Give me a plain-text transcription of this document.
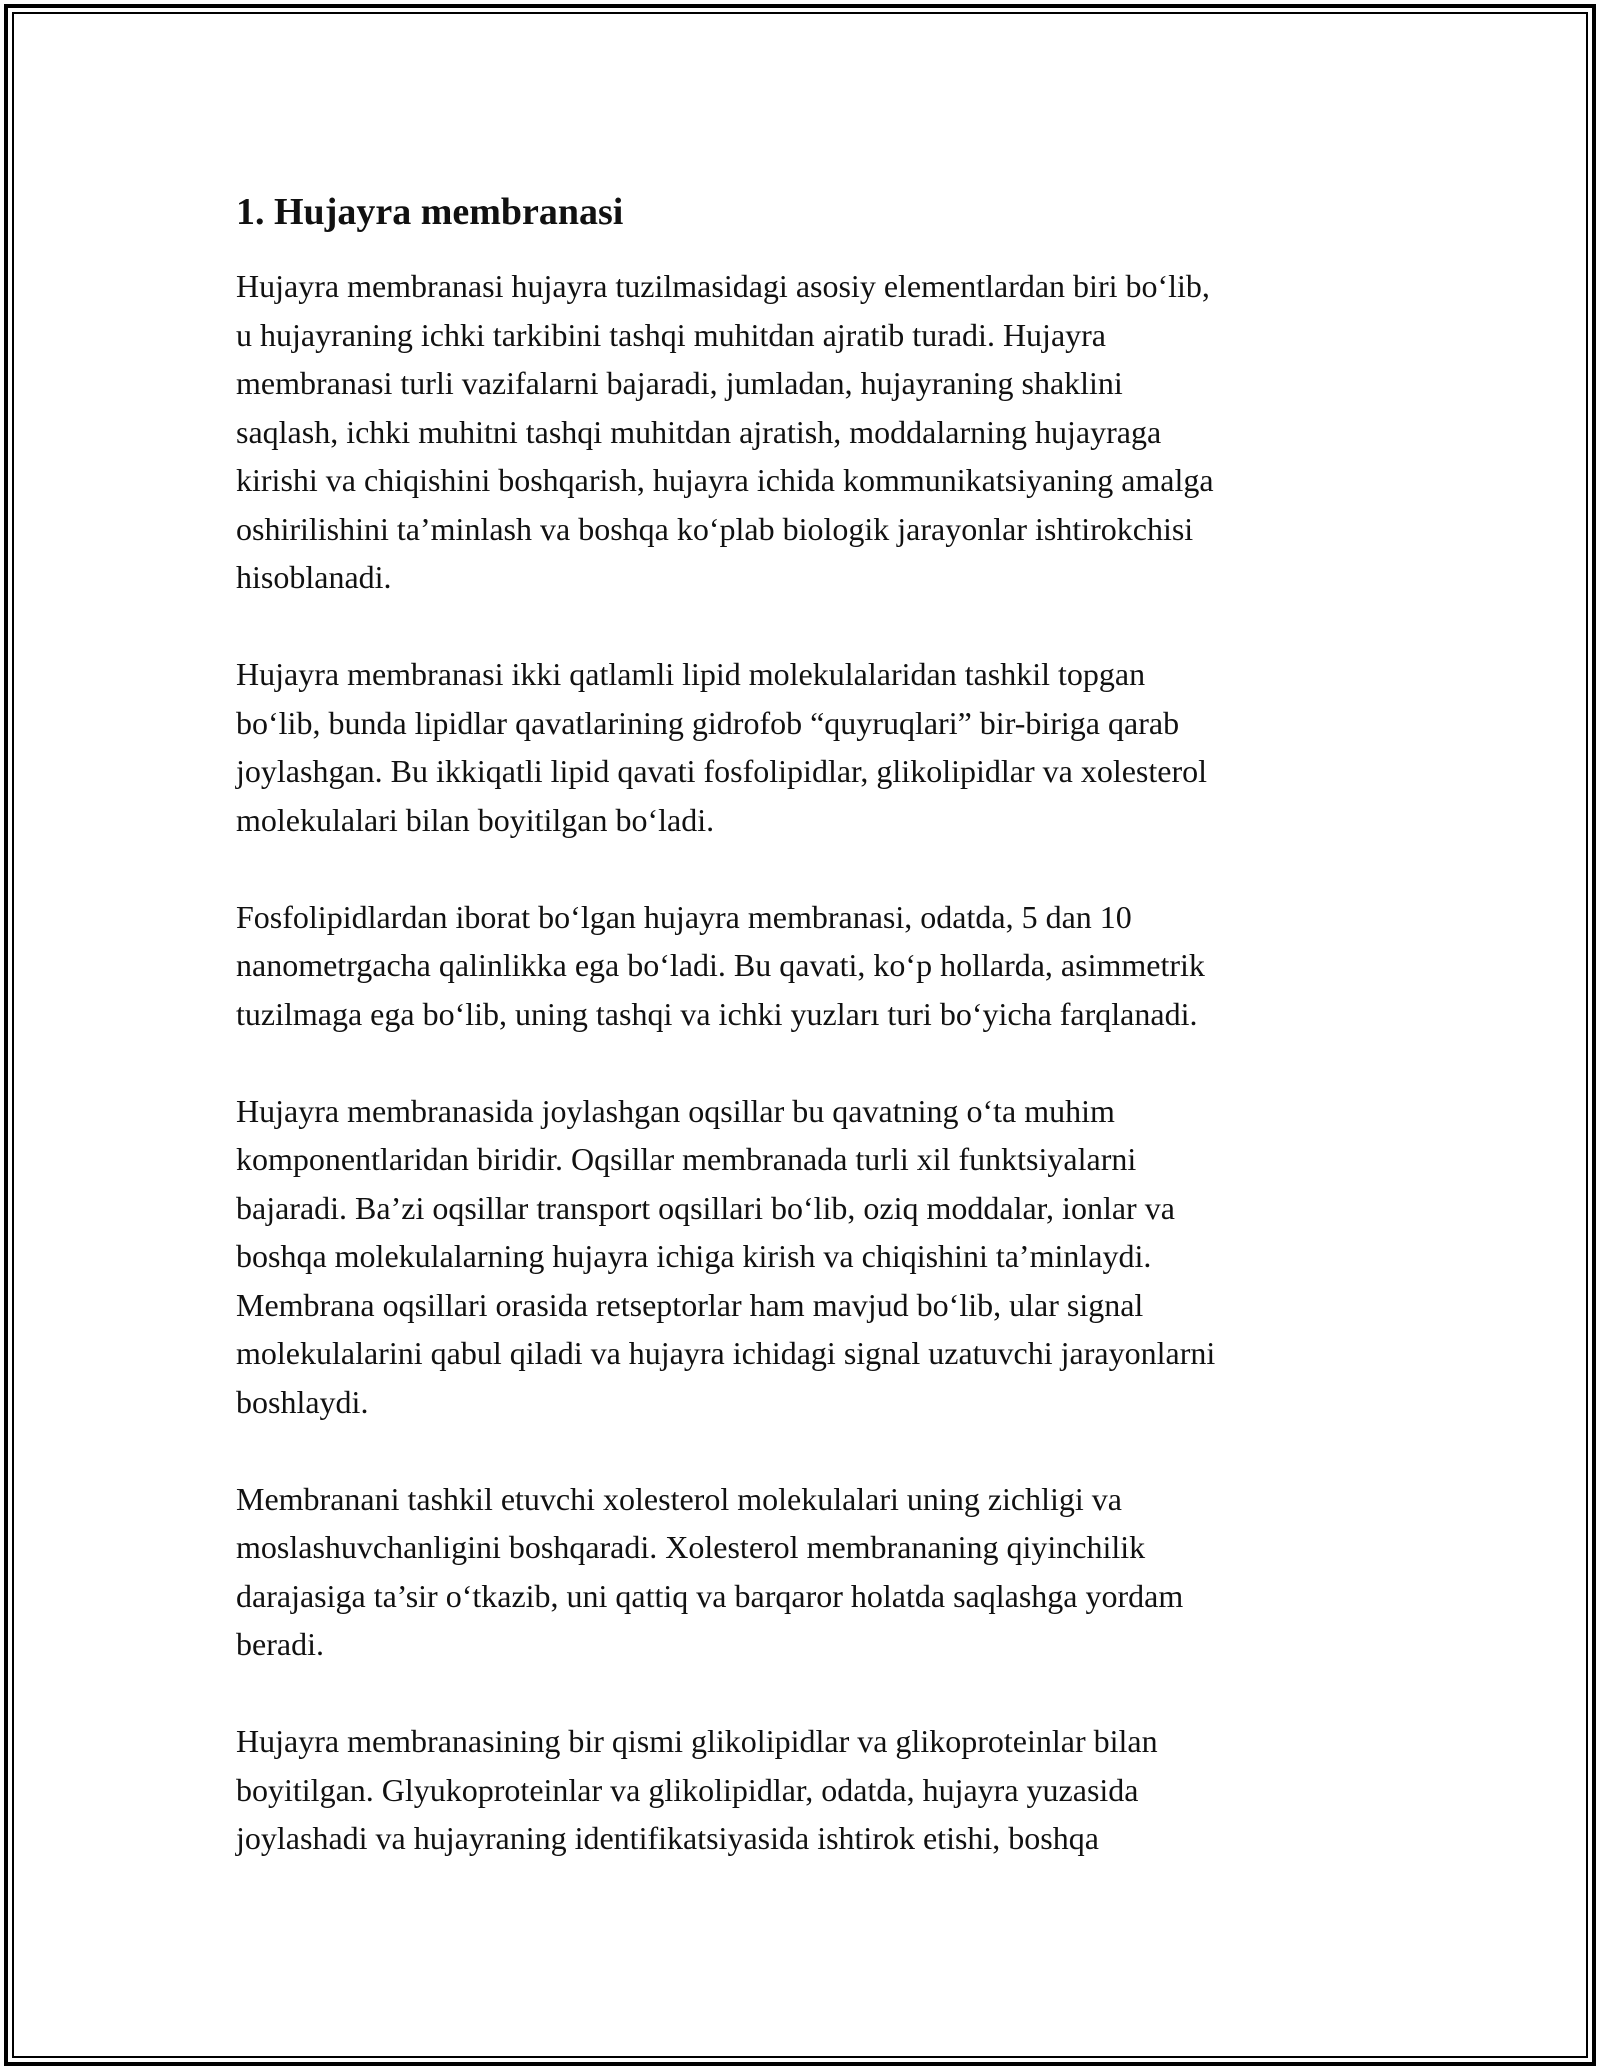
1. Hujayra membranasi
Hujayra membranasi hujayra tuzilmasidagi asosiy elementlardan biri bo‘lib,
u hujayraning ichki tarkibini tashqi muhitdan ajratib turadi. Hujayra
membranasi turli vazifalarni bajaradi, jumladan, hujayraning shaklini
saqlash, ichki muhitni tashqi muhitdan ajratish, moddalarning hujayraga
kirishi va chiqishini boshqarish, hujayra ichida kommunikatsiyaning amalga
oshirilishini ta’minlash va boshqa ko‘plab biologik jarayonlar ishtirokchisi
hisoblanadi.
Hujayra membranasi ikki qatlamli lipid molekulalaridan tashkil topgan
bo‘lib, bunda lipidlar qavatlarining gidrofob “quyruqlari” bir-biriga qarab
joylashgan. Bu ikkiqatli lipid qavati fosfolipidlar, glikolipidlar va xolesterol
molekulalari bilan boyitilgan bo‘ladi.
Fosfolipidlardan iborat bo‘lgan hujayra membranasi, odatda, 5 dan 10
nanometrgacha qalinlikka ega bo‘ladi. Bu qavati, ko‘p hollarda, asimmetrik
tuzilmaga ega bo‘lib, uning tashqi va ichki yuzları turi bo‘yicha farqlanadi.
Hujayra membranasida joylashgan oqsillar bu qavatning o‘ta muhim
komponentlaridan biridir. Oqsillar membranada turli xil funktsiyalarni
bajaradi. Ba’zi oqsillar transport oqsillari bo‘lib, oziq moddalar, ionlar va
boshqa molekulalarning hujayra ichiga kirish va chiqishini ta’minlaydi.
Membrana oqsillari orasida retseptorlar ham mavjud bo‘lib, ular signal
molekulalarini qabul qiladi va hujayra ichidagi signal uzatuvchi jarayonlarni
boshlaydi.
Membranani tashkil etuvchi xolesterol molekulalari uning zichligi va
moslashuvchanligini boshqaradi. Xolesterol membrananing qiyinchilik
darajasiga ta’sir o‘tkazib, uni qattiq va barqaror holatda saqlashga yordam
beradi.
Hujayra membranasining bir qismi glikolipidlar va glikoproteinlar bilan
boyitilgan. Glyukoproteinlar va glikolipidlar, odatda, hujayra yuzasida
joylashadi va hujayraning identifikatsiyasida ishtirok etishi, boshqa
